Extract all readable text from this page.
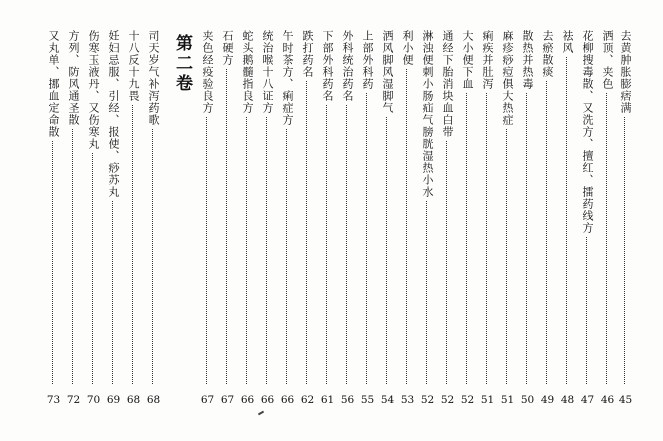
第二卷	去黄肿胀膨痞满
45
洒顶、夹色
46
花柳搜毒散、又洗方、擅红、擂药线方
47
祛风
48
去瘀散痰
49
散热并热毒
50
麻疹痧痘俱大热症
51
痢疾并肚泻
51
大小便下血
52
通经下胎消块血白带
52
淋浊便刺小肠疝气膀胱湿热小水
52
利小便
53
洒风脚风湿脚气
54
上部外科药
55
外科统治药名
56
下部外科药名
61
跌打药名
62
午时茶方、痢症方
66
统治喉十八证方
66
蛇头鹅髓指良方
66
石硬方
67
夹色经疫验良方
67
司天岁气补泻药歌
68
十八反十九畏
68
妊妇忌服、引经、报使、痧苏丸
69
伤寒玉液丹、又伤寒丸
70
方列、防风通圣散
72
又丸单、挪血定命散
73
